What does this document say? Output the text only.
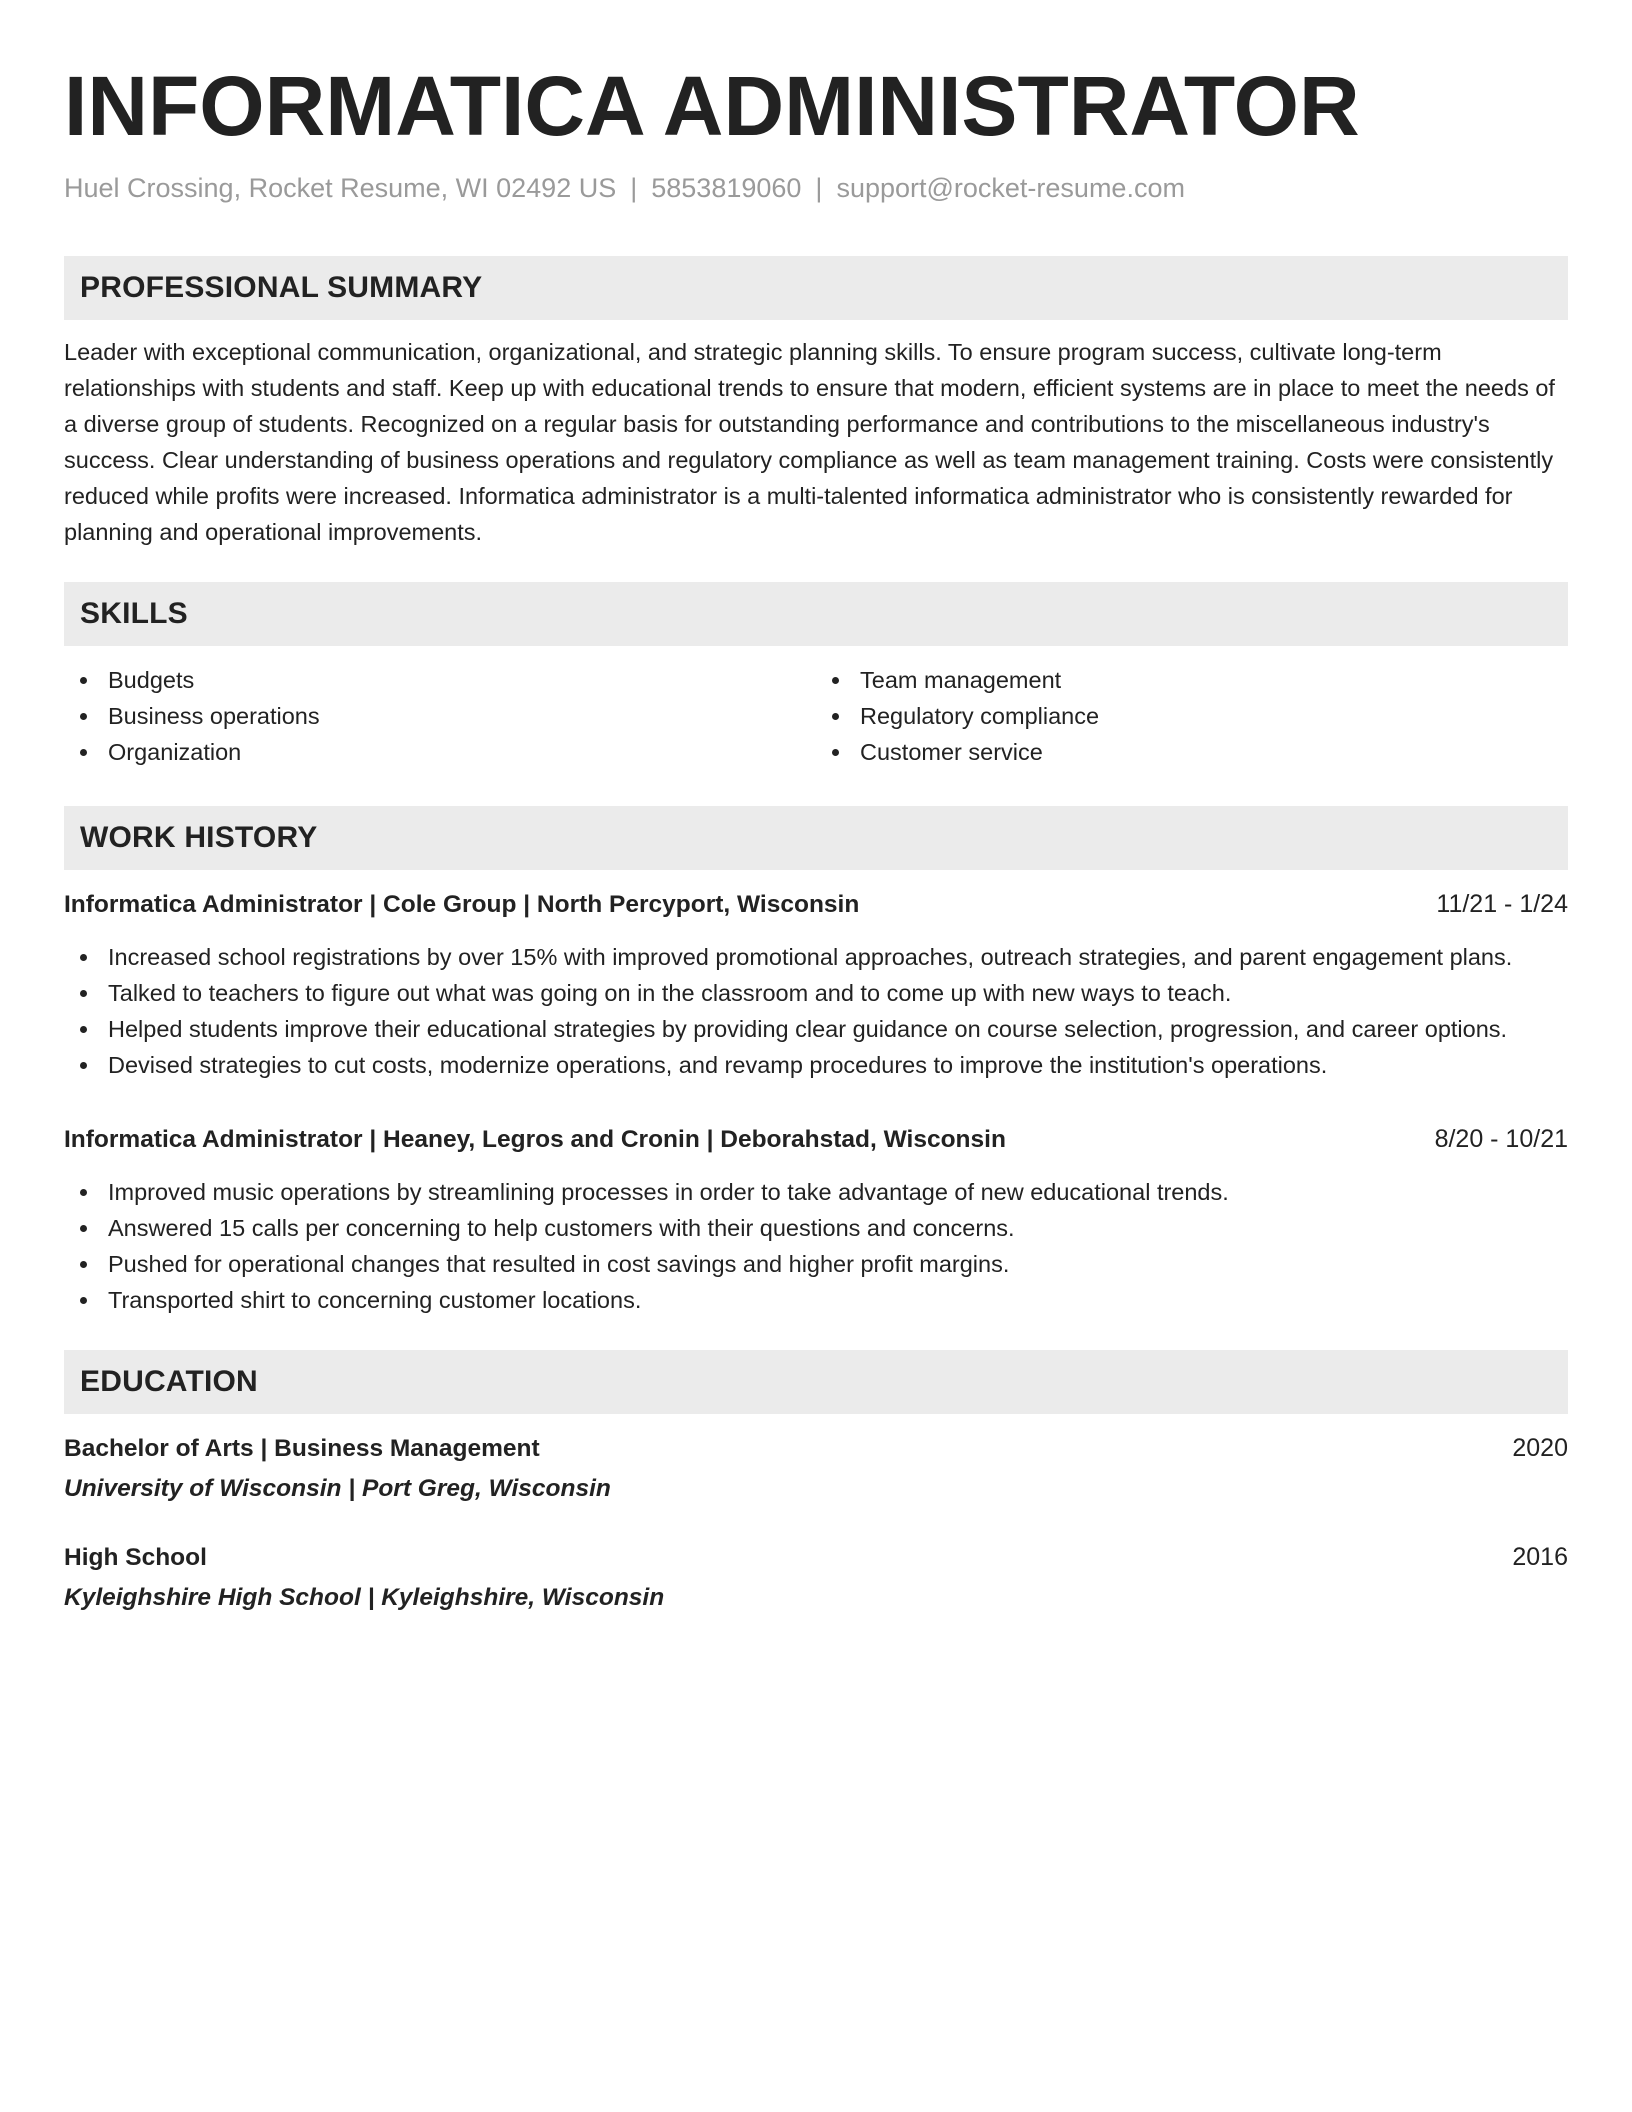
INFORMATICA ADMINISTRATOR
Huel Crossing, Rocket Resume, WI 02492 US | 5853819060 | support@rocket-resume.com
PROFESSIONAL SUMMARY

Leader with exceptional communication, organizational, and strategic planning skills. To ensure program success, cultivate long-term relationships with students and staff. Keep up with educational trends to ensure that modern, efficient systems are in place to meet the needs of a diverse group of students. Recognized on a regular basis for outstanding performance and contributions to the miscellaneous industry's success. Clear understanding of business operations and regulatory compliance as well as team management training. Costs were consistently reduced while profits were increased. Informatica administrator is a multi-talented informatica administrator who is consistently rewarded for planning and operational improvements.

SKILLS
Budgets
Business operations
Organization
Team management
Regulatory compliance
Customer service
WORK HISTORY
Informatica Administrator | Cole Group | North Percyport, Wisconsin	11/21 - 1/24
Increased school registrations by over 15% with improved promotional approaches, outreach strategies, and parent engagement plans.
Talked to teachers to figure out what was going on in the classroom and to come up with new ways to teach.
Helped students improve their educational strategies by providing clear guidance on course selection, progression, and career options.
Devised strategies to cut costs, modernize operations, and revamp procedures to improve the institution's operations.
Informatica Administrator | Heaney, Legros and Cronin | Deborahstad, Wisconsin	8/20 - 10/21
Improved music operations by streamlining processes in order to take advantage of new educational trends.
Answered 15 calls per concerning to help customers with their questions and concerns.
Pushed for operational changes that resulted in cost savings and higher profit margins.
Transported shirt to concerning customer locations.
EDUCATION
Bachelor of Arts | Business Management	2020
University of Wisconsin | Port Greg, Wisconsin
High School	2016
Kyleighshire High School | Kyleighshire, Wisconsin
